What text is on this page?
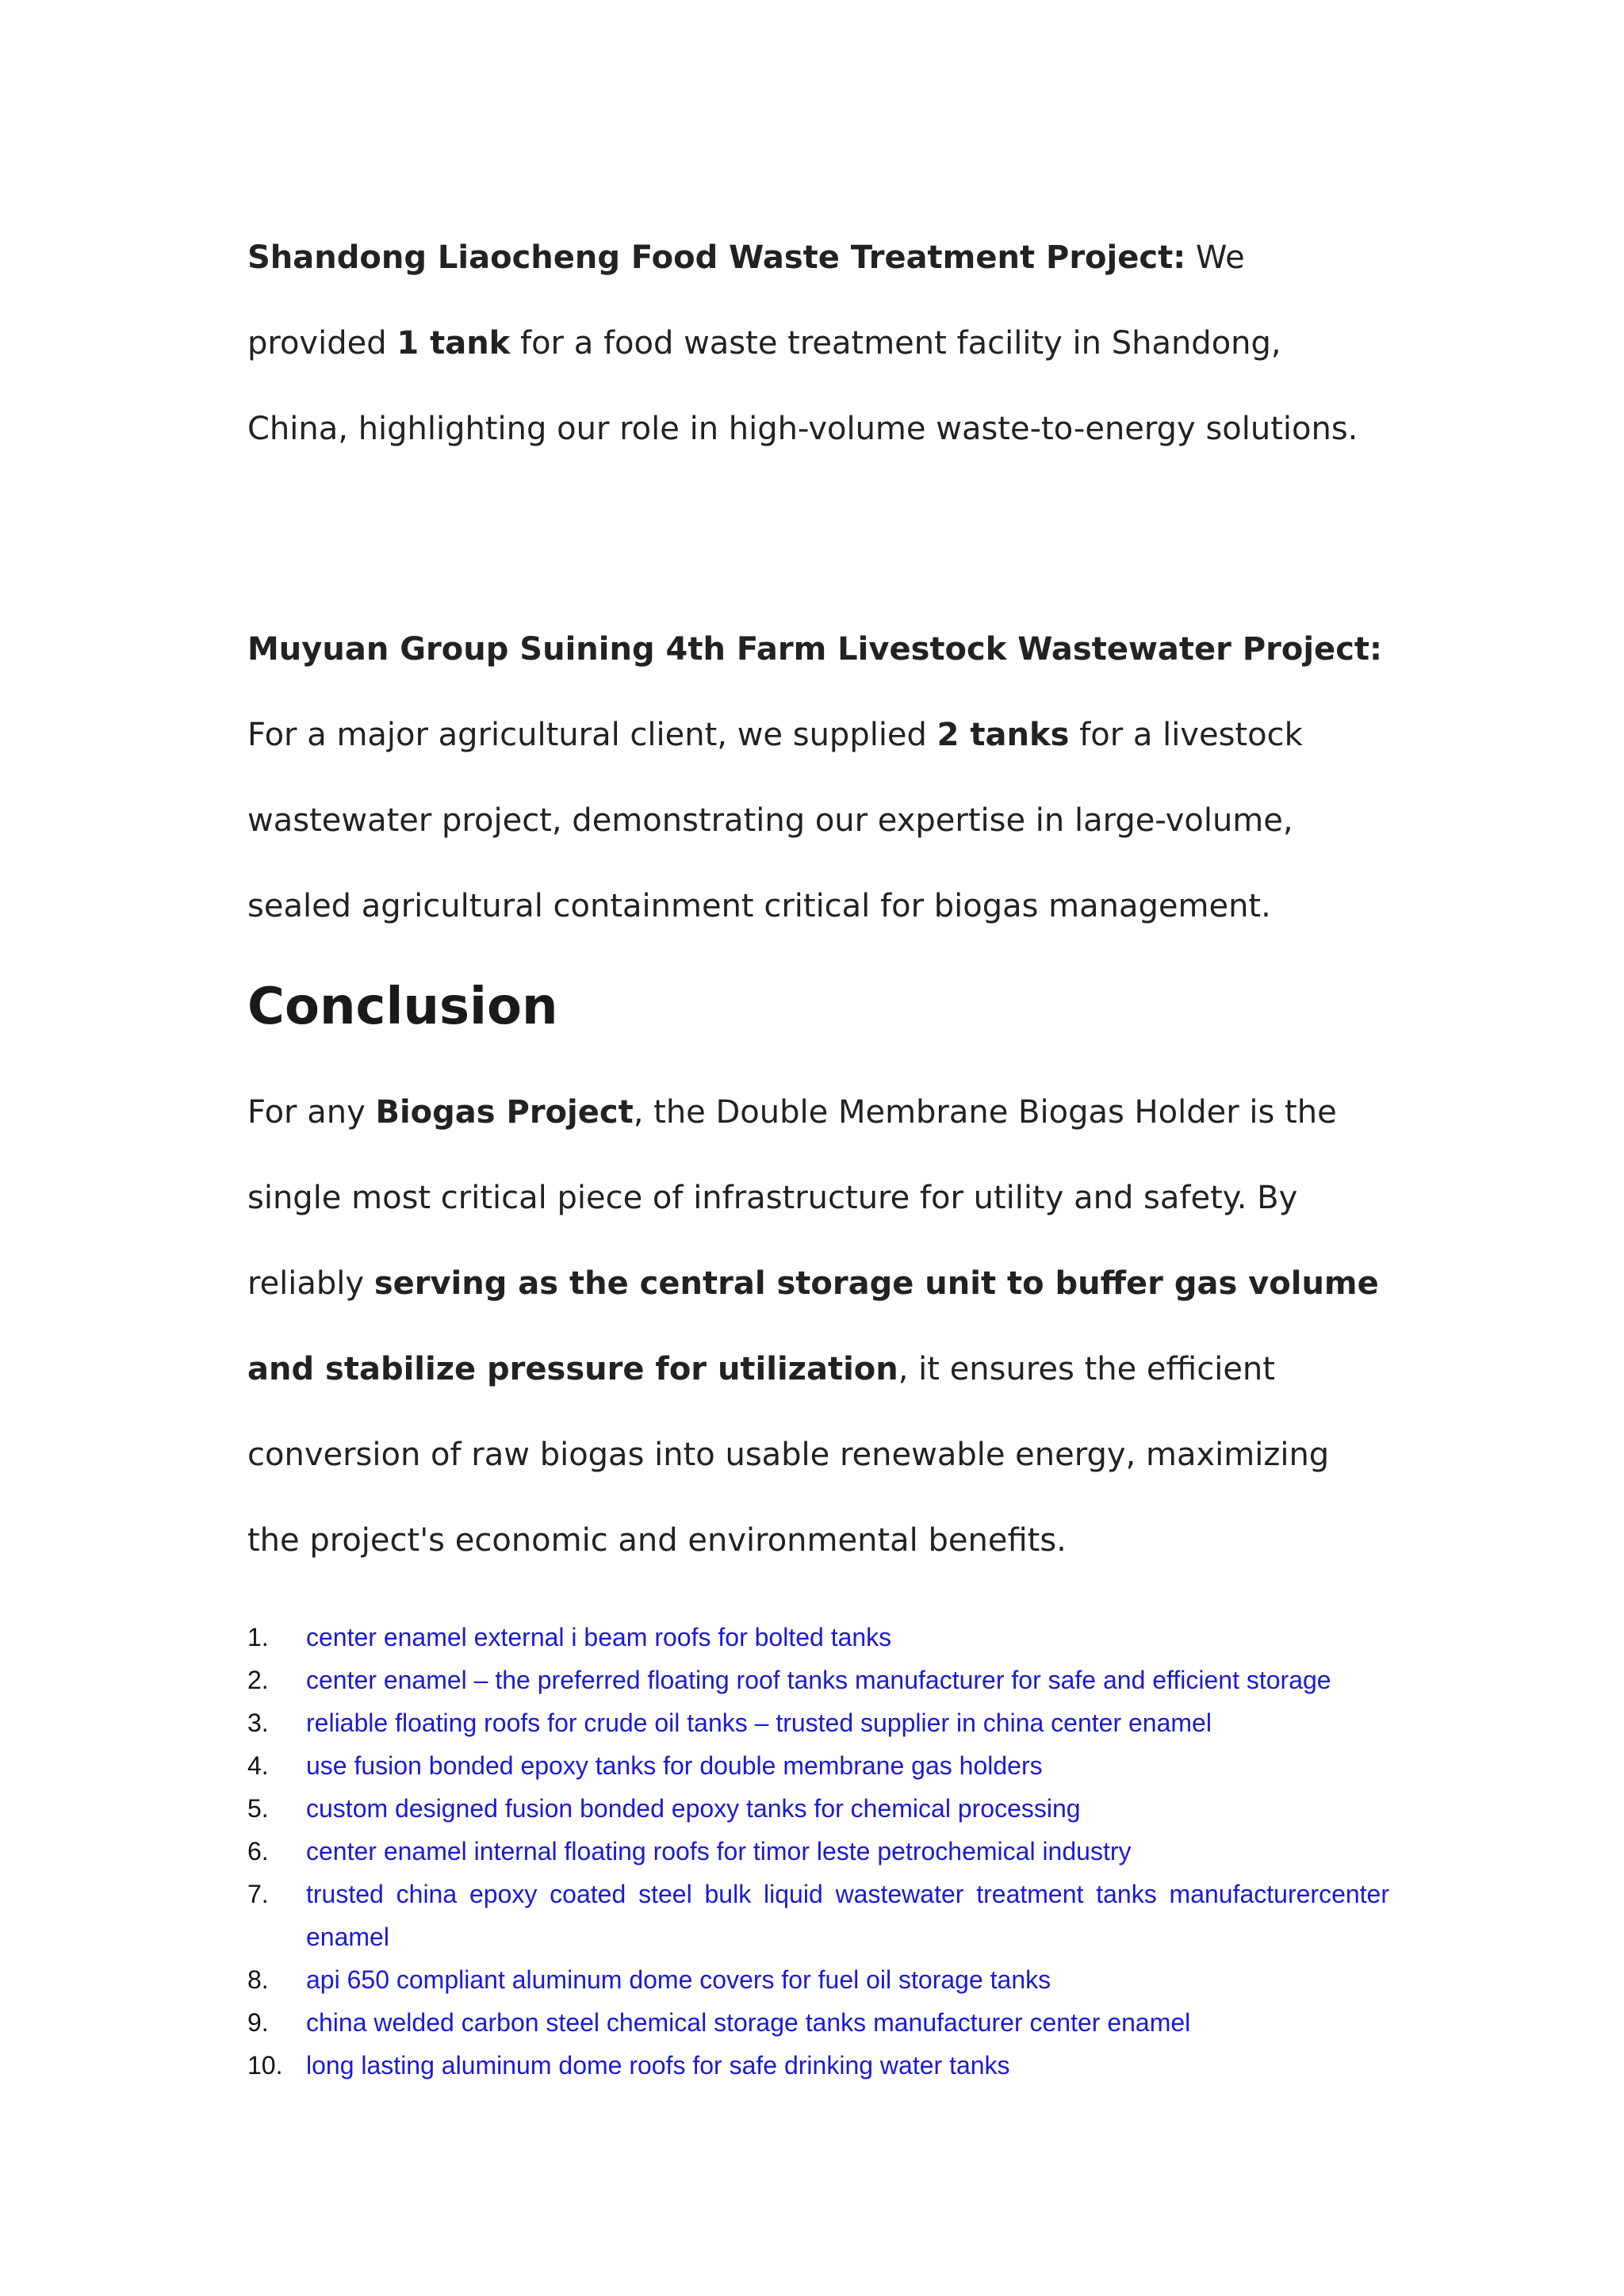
Shandong Liaocheng Food Waste Treatment Project: We provided 1 tank for a food waste treatment facility in Shandong, China, highlighting our role in high-volume waste-to-energy solutions.

Muyuan Group Suining 4th Farm Livestock Wastewater Project: For a major agricultural client, we supplied 2 tanks for a livestock wastewater project, demonstrating our expertise in large-volume, sealed agricultural containment critical for biogas management.

Conclusion

For any Biogas Project, the Double Membrane Biogas Holder is the single most critical piece of infrastructure for utility and safety. By reliably serving as the central storage unit to buffer gas volume and stabilize pressure for utilization, it ensures the efficient conversion of raw biogas into usable renewable energy, maximizing the project's economic and environmental benefits.

1. center enamel external i beam roofs for bolted tanks
2. center enamel – the preferred floating roof tanks manufacturer for safe and efficient storage
3. reliable floating roofs for crude oil tanks – trusted supplier in china center enamel
4. use fusion bonded epoxy tanks for double membrane gas holders
5. custom designed fusion bonded epoxy tanks for chemical processing
6. center enamel internal floating roofs for timor leste petrochemical industry
7. trusted china epoxy coated steel bulk liquid wastewater treatment tanks manufacturercenter enamel
8. api 650 compliant aluminum dome covers for fuel oil storage tanks
9. china welded carbon steel chemical storage tanks manufacturer center enamel
10. long lasting aluminum dome roofs for safe drinking water tanks
